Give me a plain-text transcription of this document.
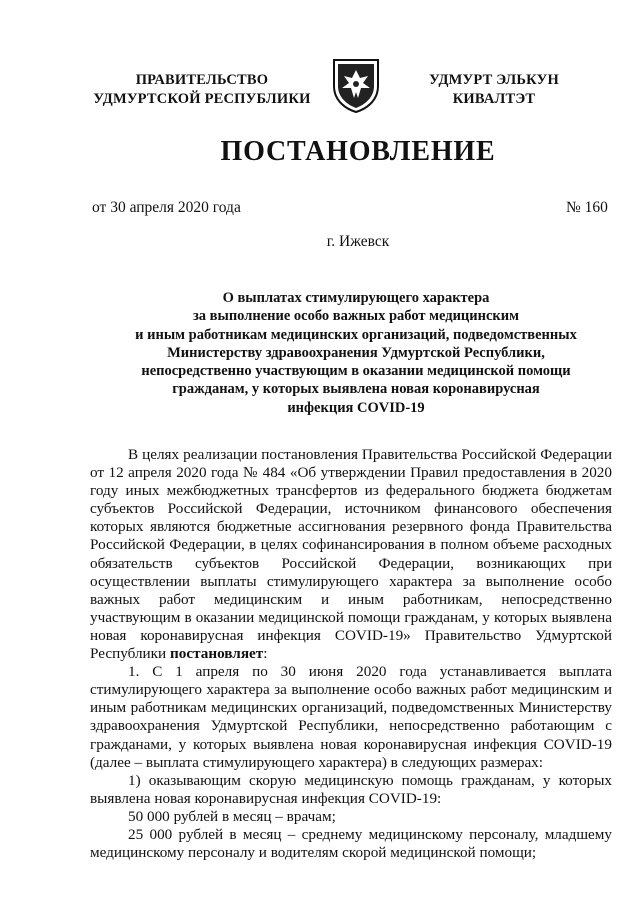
ПРАВИТЕЛЬСТВО
УДМУРТСКОЙ РЕСПУБЛИКИ
УДМУРТ ЭЛЬКУН
КИВАЛТЭТ
ПОСТАНОВЛЕНИЕ
от 30 апреля 2020 года	№ 160
г. Ижевск
О выплатах стимулирующего характера
за выполнение особо важных работ медицинским
и иным работникам медицинских организаций, подведомственных
Министерству здравоохранения Удмуртской Республики,
непосредственно участвующим в оказании медицинской помощи
гражданам, у которых выявлена новая коронавирусная
инфекция COVID-19

В целях реализации постановления Правительства Российской Федерации от 12 апреля 2020 года № 484 «Об утверждении Правил предоставления в 2020 году иных межбюджетных трансфертов из федерального бюджета бюджетам субъектов Российской Федерации, источником финансового обеспечения которых являются бюджетные ассигнования резервного фонда Правительства Российской Федерации, в целях софинансирования в полном объеме расходных обязательств субъектов Российской Федерации, возникающих при осуществлении выплаты стимулирующего характера за выполнение особо важных работ медицинским и иным работникам, непосредственно участвующим в оказании медицинской помощи гражданам, у которых выявлена новая коронавирусная инфекция COVID-19» Правительство Удмуртской Республики постановляет:

1. С 1 апреля по 30 июня 2020 года устанавливается выплата стимулирующего характера за выполнение особо важных работ медицинским и иным работникам медицинских организаций, подведомственных Министерству здравоохранения Удмуртской Республики, непосредственно работающим с гражданами, у которых выявлена новая коронавирусная инфекция COVID-19 (далее – выплата стимулирующего характера) в следующих размерах:

1) оказывающим скорую медицинскую помощь гражданам, у которых выявлена новая коронавирусная инфекция COVID-19:

50 000 рублей в месяц – врачам;

25 000 рублей в месяц – среднему медицинскому персоналу, младшему медицинскому персоналу и водителям скорой медицинской помощи;
